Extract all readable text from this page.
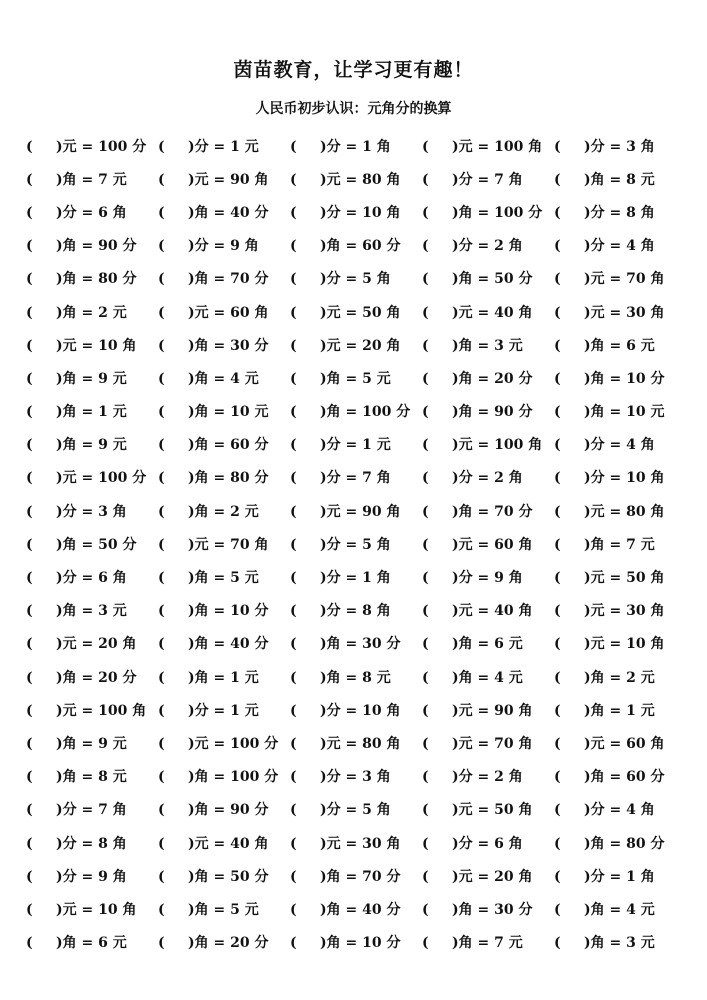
茵苗教育，让学习更有趣！
人民币初步认识：元角分的换算
( )元 = 100 分 ( )分 = 1 元	( )分 = 1 角	( )元 = 100 角 ( )分 = 3 角
( )角 = 7 元	( )元 = 90 角	( )元 = 80 角	( )分 = 7 角	( )角 = 8 元
( )分 = 6 角	( )角 = 40 分	( )分 = 10 角	( )角 = 100 分 ( )分 = 8 角
( )角 = 90 分	( )分 = 9 角	( )角 = 60 分	( )分 = 2 角	( )分 = 4 角
( )角 = 80 分	( )角 = 70 分	( )分 = 5 角	( )角 = 50 分	( )元 = 70 角
( )角 = 2 元	( )元 = 60 角	( )元 = 50 角	( )元 = 40 角	( )元 = 30 角
( )元 = 10 角	( )角 = 30 分	( )元 = 20 角	( )角 = 3 元	( )角 = 6 元
( )角 = 9 元	( )角 = 4 元	( )角 = 5 元	( )角 = 20 分	( )角 = 10 分
( )角 = 1 元	( )角 = 10 元	( )角 = 100 分 ( )角 = 90 分	( )角 = 10 元
( )角 = 9 元	( )角 = 60 分	( )分 = 1 元	( )元 = 100 角 ( )分 = 4 角
( )元 = 100 分 ( )角 = 80 分	( )分 = 7 角	( )分 = 2 角	( )分 = 10 角
( )分 = 3 角	( )角 = 2 元	( )元 = 90 角	( )角 = 70 分	( )元 = 80 角
( )角 = 50 分	( )元 = 70 角	( )分 = 5 角	( )元 = 60 角	( )角 = 7 元
( )分 = 6 角	( )角 = 5 元	( )分 = 1 角	( )分 = 9 角	( )元 = 50 角
( )角 = 3 元	( )角 = 10 分	( )分 = 8 角	( )元 = 40 角	( )元 = 30 角
( )元 = 20 角	( )角 = 40 分	( )角 = 30 分	( )角 = 6 元	( )元 = 10 角
( )角 = 20 分	( )角 = 1 元	( )角 = 8 元	( )角 = 4 元	( )角 = 2 元
( )元 = 100 角 ( )分 = 1 元	( )分 = 10 角	( )元 = 90 角	( )角 = 1 元
( )角 = 9 元	( )元 = 100 分 ( )元 = 80 角	( )元 = 70 角	( )元 = 60 角
( )角 = 8 元	( )角 = 100 分 ( )分 = 3 角	( )分 = 2 角	( )角 = 60 分
( )分 = 7 角	( )角 = 90 分	( )分 = 5 角	( )元 = 50 角	( )分 = 4 角
( )分 = 8 角	( )元 = 40 角	( )元 = 30 角	( )分 = 6 角	( )角 = 80 分
( )分 = 9 角	( )角 = 50 分	( )角 = 70 分	( )元 = 20 角	( )分 = 1 角
( )元 = 10 角	( )角 = 5 元	( )角 = 40 分	( )角 = 30 分	( )角 = 4 元
( )角 = 6 元	( )角 = 20 分	( )角 = 10 分	( )角 = 7 元	( )角 = 3 元
